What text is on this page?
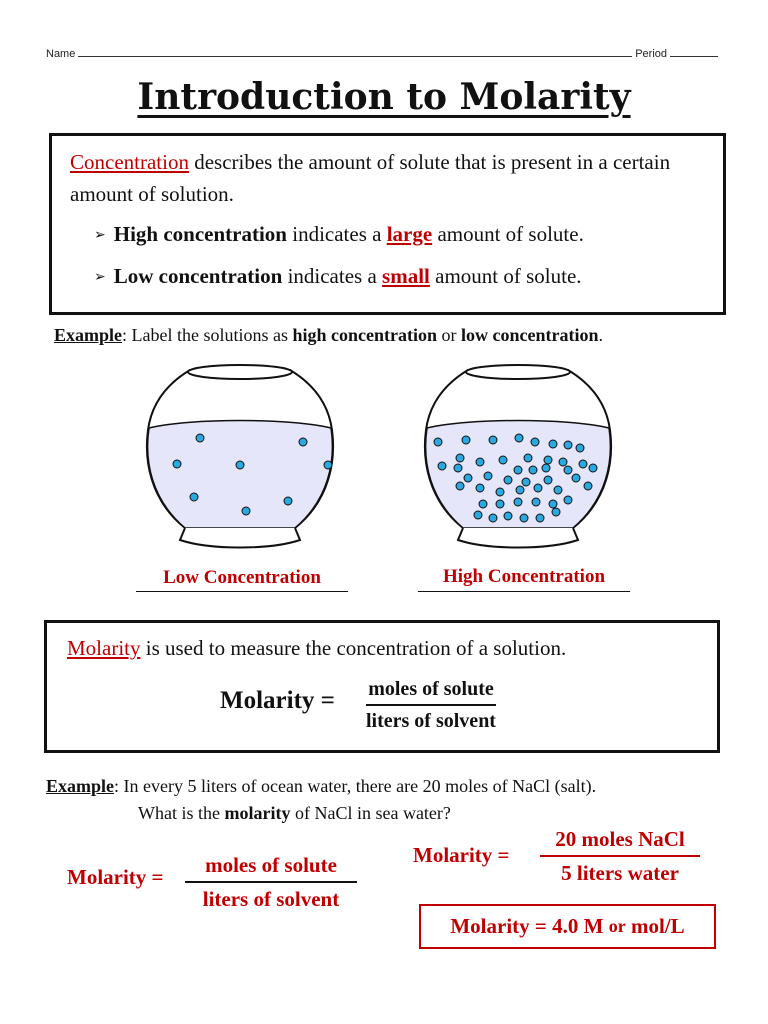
Name	Period
Introduction to Molarity
Concentration describes the amount of solute that is present in a certain amount of solution.
➢ High concentration indicates a large amount of solute.
➢ Low concentration indicates a small amount of solute.
Example: Label the solutions as high concentration or low concentration.
Low Concentration	High Concentration
Molarity is used to measure the concentration of a solution.
Molarity = moles of solute
liters of solvent
Example: In every 5 liters of ocean water, there are 20 moles of NaCl (salt).
What is the molarity of NaCl in sea water?
Molarity = moles of solute
liters of solvent
Molarity =
20 moles NaCl
5 liters water
Molarity = 4.0 M or mol/L
